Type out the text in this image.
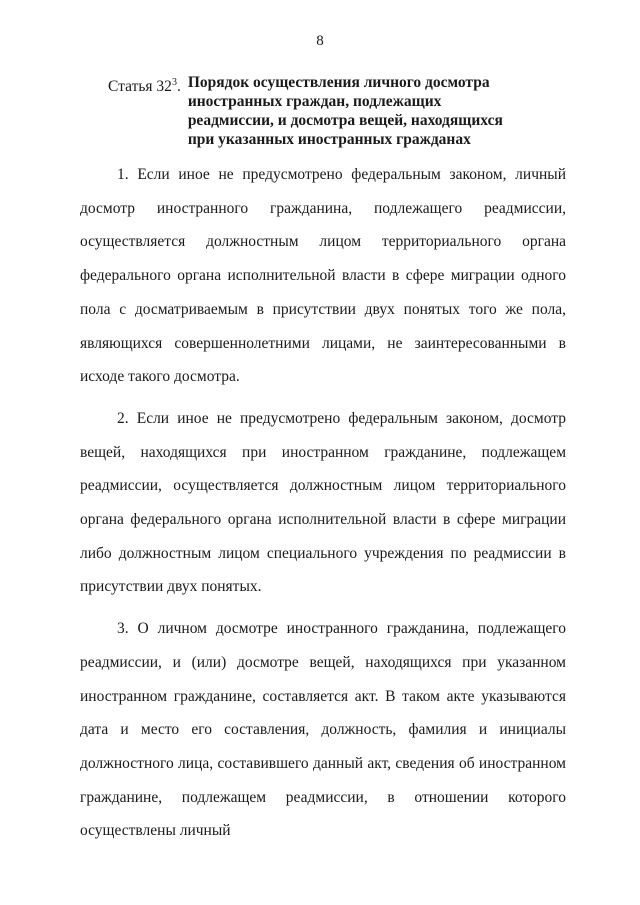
8
Статья $32^3$. Порядок осуществления личного досмотра иностранных граждан, подлежащих реадмиссии, и досмотра вещей, находящихся при указанных иностранных гражданах

1. Если иное не предусмотрено федеральным законом, личный досмотр иностранного гражданина, подлежащего реадмиссии, осуществляется должностным лицом территориального органа федерального органа исполнительной власти в сфере миграции одного пола с досматриваемым в присутствии двух понятых того же пола, являющихся совершеннолетними лицами, не заинтересованными в исходе такого досмотра.

2. Если иное не предусмотрено федеральным законом, досмотр вещей, находящихся при иностранном гражданине, подлежащем реадмиссии, осуществляется должностным лицом территориального органа федерального органа исполнительной власти в сфере миграции либо должностным лицом специального учреждения по реадмиссии в присутствии двух понятых.

3. О личном досмотре иностранного гражданина, подлежащего реадмиссии, и (или) досмотре вещей, находящихся при указанном иностранном гражданине, составляется акт. В таком акте указываются дата и место его составления, должность, фамилия и инициалы должностного лица, составившего данный акт, сведения об иностранном гражданине, подлежащем реадмиссии, в отношении которого осуществлены личный
